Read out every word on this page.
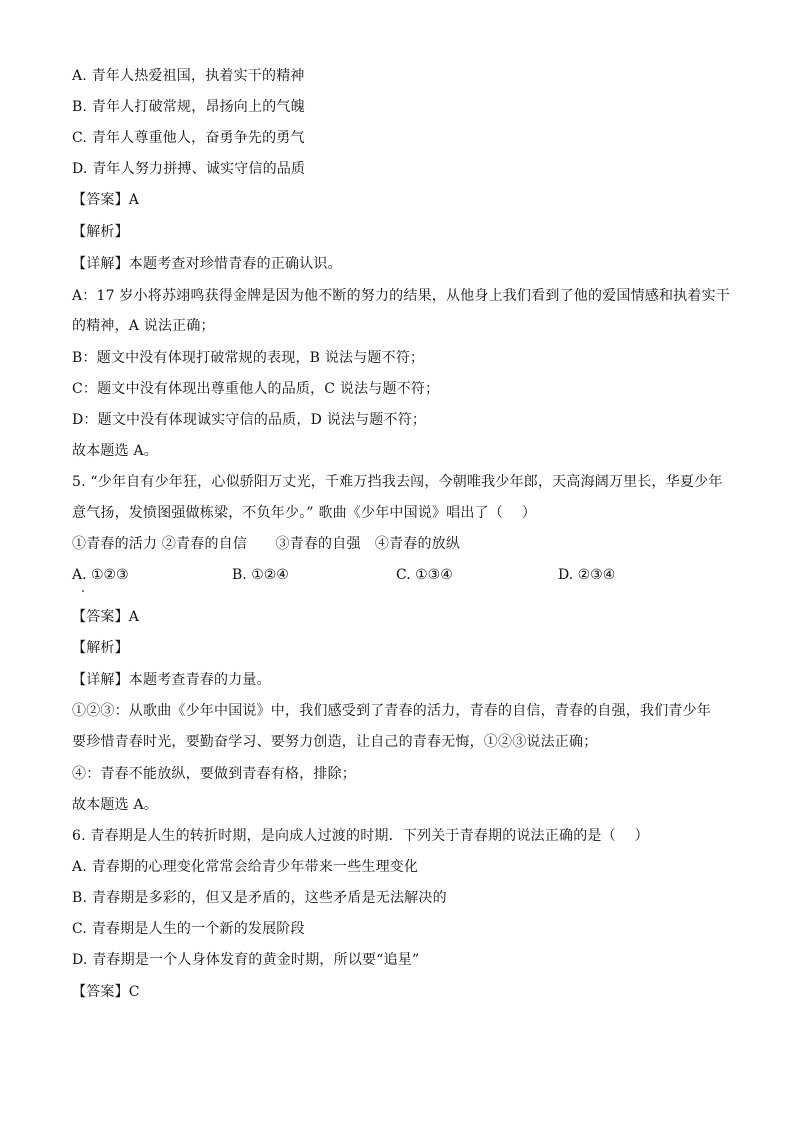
A. 青年人热爱祖国，执着实干的精神
B. 青年人打破常规，昂扬向上的气魄
C. 青年人尊重他人，奋勇争先的勇气
D. 青年人努力拼搏、诚实守信的品质
【答案】A
【解析】
【详解】本题考查对珍惜青春的正确认识。
A：17 岁小将苏翊鸣获得金牌是因为他不断的努力的结果，从他身上我们看到了他的爱国情感和执着实干
的精神，A 说法正确；
B：题文中没有体现打破常规的表现，B 说法与题不符；
C：题文中没有体现出尊重他人的品质，C 说法与题不符；
D：题文中没有体现诚实守信的品质，D 说法与题不符；
故本题选 A。
5. “少年自有少年狂，心似骄阳万丈光，千难万挡我去闯，今朝唯我少年郎，天高海阔万里长，华夏少年
意气扬，发愤图强做栋梁，不负年少。” 歌曲《少年中国说》唱出了（　 ）
①青春的活力 ②青春的自信　　③青春的自强　④青春的放纵
A. ①②③	B. ①②④	C. ①③④	D. ②③④
【答案】A
【解析】
【详解】本题考查青春的力量。
①②③：从歌曲《少年中国说》中，我们感受到了青春的活力，青春的自信，青春的自强，我们青少年
要珍惜青春时光，要勤奋学习、要努力创造，让自己的青春无悔，①②③说法正确；
④：青春不能放纵，要做到青春有格，排除；
故本题选 A。
6. 青春期是人生的转折时期，是向成人过渡的时期．下列关于青春期的说法正确的是（　 ）
A. 青春期的心理变化常常会给青少年带来一些生理变化
B. 青春期是多彩的，但又是矛盾的，这些矛盾是无法解决的
C. 青春期是人生的一个新的发展阶段
D. 青春期是一个人身体发育的黄金时期，所以要“追星”
【答案】C
